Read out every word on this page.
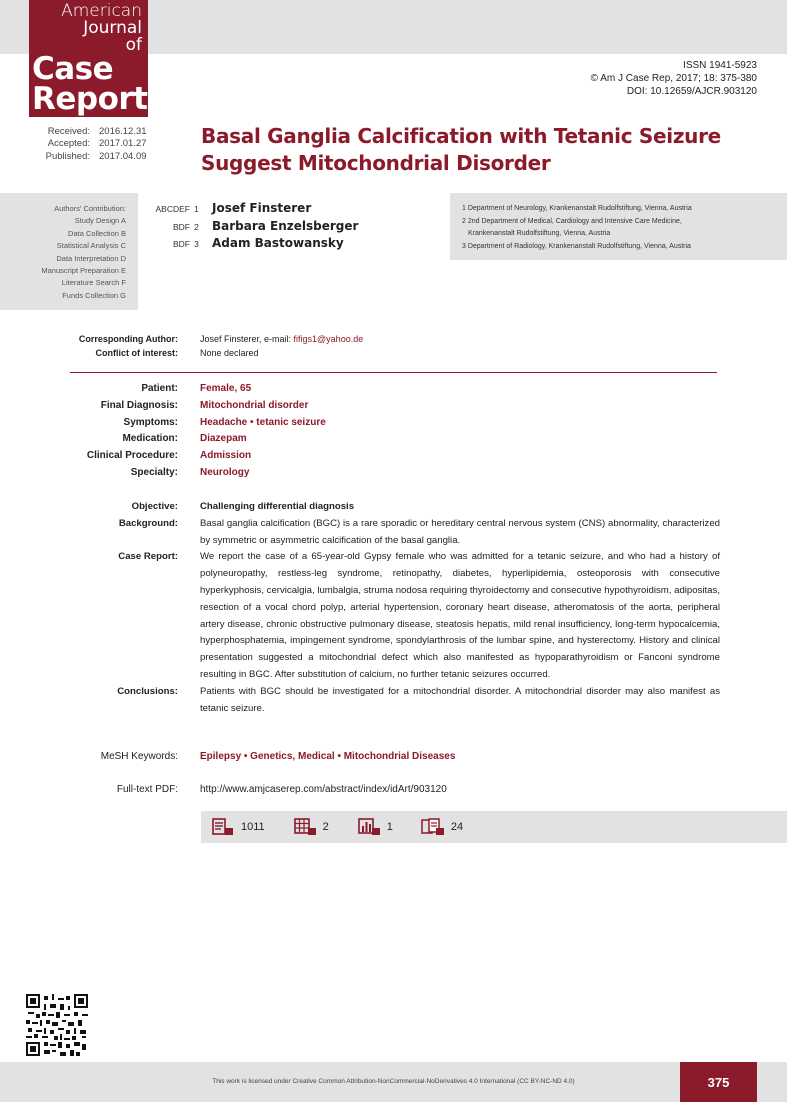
American
Journal
of
Case
Reports
ISSN 1941-5923
© Am J Case Rep, 2017; 18: 375-380
DOI: 10.12659/AJCR.903120
Received: 2016.12.31
Accepted: 2017.01.27
Published: 2017.04.09
Basal Ganglia Calcification with Tetanic Seizure
Suggest Mitochondrial Disorder
Authors' Contribution:
Study Design A
Data Collection B
Statistical Analysis C
Data Interpretation D
Manuscript Preparation E
Literature Search F
Funds Collection G
ABCDEF 1	Josef Finsterer
BDF 2	Barbara Enzelsberger
BDF 3	Adam Bastowansky
1 Department of Neurology, Krankenanstalt Rudolfstiftung, Vienna, Austria
2 2nd Department of Medical, Cardiology and Intensive Care Medicine,
Krankenanstalt Rudolfstiftung, Vienna, Austria
3 Department of Radiology, Krankenanstalt Rudolfstiftung, Vienna, Austria
Corresponding Author:	Josef Finsterer, e-mail: fifigs1@yahoo.de
Conflict of interest:	None declared
Patient:	Female, 65
Final Diagnosis:	Mitochondrial disorder
Symptoms:	Headache • tetanic seizure
Medication:	Diazepam
Clinical Procedure:	Admission
Specialty:	Neurology
Objective:	Challenging differential diagnosis
Background:	Basal ganglia calcification (BGC) is a rare sporadic or hereditary central nervous system (CNS) abnormality, characterized by symmetric or asymmetric calcification of the basal ganglia.
Case Report:	We report the case of a 65-year-old Gypsy female who was admitted for a tetanic seizure, and who had a history of polyneuropathy, restless-leg syndrome, retinopathy, diabetes, hyperlipidemia, osteoporosis with consecutive hyperkyphosis, cervicalgia, lumbalgia, struma nodosa requiring thyroidectomy and consecutive hypothyroidism, adipositas, resection of a vocal chord polyp, arterial hypertension, coronary heart disease, atheromatosis of the aorta, peripheral artery disease, chronic obstructive pulmonary disease, steatosis hepatis, mild renal insufficiency, long-term hypocalcemia, hyperphosphatemia, impingement syndrome, spondylarthrosis of the lumbar spine, and hysterectomy. History and clinical presentation suggested a mitochondrial defect which also manifested as hypoparathyroidism or Fanconi syndrome resulting in BGC. After substitution of calcium, no further tetanic seizures occurred.
Conclusions:	Patients with BGC should be investigated for a mitochondrial disorder. A mitochondrial disorder may also manifest as tetanic seizure.
MeSH Keywords:	Epilepsy • Genetics, Medical • Mitochondrial Diseases
Full-text PDF:	http://www.amjcaserep.com/abstract/index/idArt/903120
1011	2	1	24
This work is licensed under Creative Common Attribution-NonCommercial-NoDerivatives 4.0 International (CC BY-NC-ND 4.0)	375
